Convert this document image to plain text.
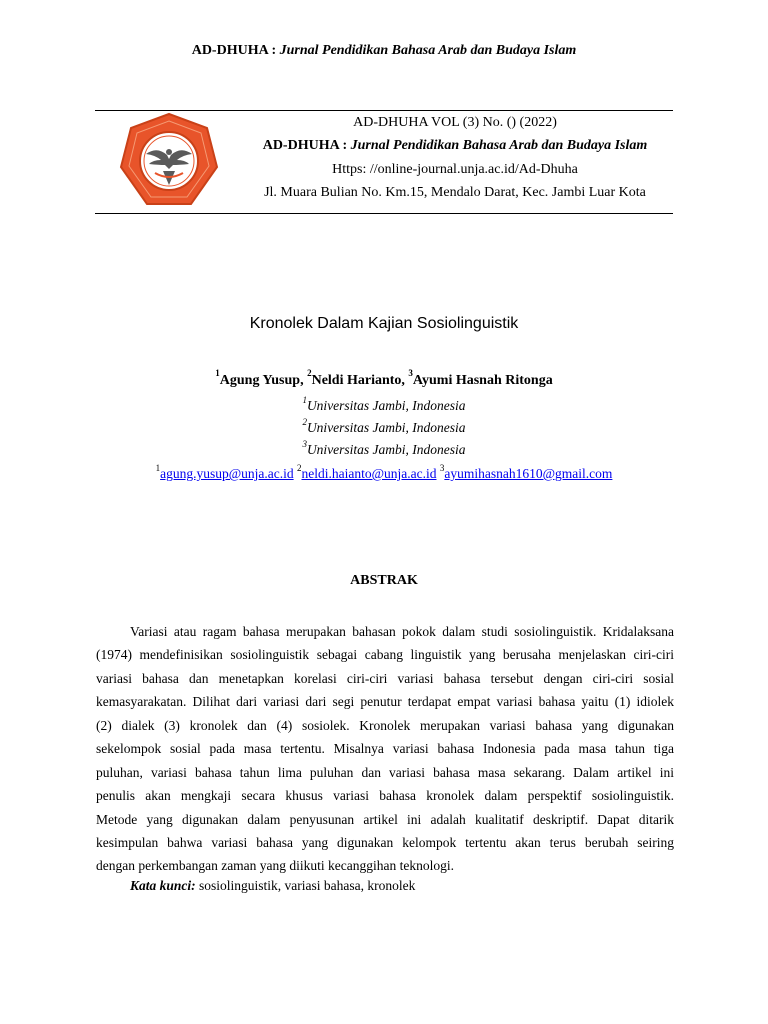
AD-DHUHA : Jurnal Pendidikan Bahasa Arab dan Budaya Islam
AD-DHUHA VOL (3) No. () (2022)
AD-DHUHA : Jurnal Pendidikan Bahasa Arab dan Budaya Islam
Https: //online-journal.unja.ac.id/Ad-Dhuha
Jl. Muara Bulian No. Km.15, Mendalo Darat, Kec. Jambi Luar Kota
Kronolek Dalam Kajian Sosiolinguistik
$^1$Agung Yusup, $^2$Neldi Harianto, $^3$Ayumi Hasnah Ritonga
$^1$Universitas Jambi, Indonesia
$^2$Universitas Jambi, Indonesia
$^3$Universitas Jambi, Indonesia
$^1$agung.yusup@unja.ac.id $^2$neldi.haianto@unja.ac.id $^3$ayumihasnah1610@gmail.com
ABSTRAK
Variasi atau ragam bahasa merupakan bahasan pokok dalam studi sosiolinguistik. Kridalaksana
(1974) mendefinisikan sosiolinguistik sebagai cabang linguistik yang berusaha menjelaskan ciri-ciri
variasi bahasa dan menetapkan korelasi ciri-ciri variasi bahasa tersebut dengan ciri-ciri sosial
kemasyarakatan. Dilihat dari variasi dari segi penutur terdapat empat variasi bahasa yaitu (1) idiolek
(2) dialek (3) kronolek dan (4) sosiolek. Kronolek merupakan variasi bahasa yang digunakan
sekelompok sosial pada masa tertentu. Misalnya variasi bahasa Indonesia pada masa tahun tiga
puluhan, variasi bahasa tahun lima puluhan dan variasi bahasa masa sekarang. Dalam artikel ini
penulis akan mengkaji secara khusus variasi bahasa kronolek dalam perspektif sosiolinguistik.
Metode yang digunakan dalam penyusunan artikel ini adalah kualitatif deskriptif. Dapat ditarik
kesimpulan bahwa variasi bahasa yang digunakan kelompok tertentu akan terus berubah seiring
dengan perkembangan zaman yang diikuti kecanggihan teknologi.
Kata kunci: sosiolinguistik, variasi bahasa, kronolek
